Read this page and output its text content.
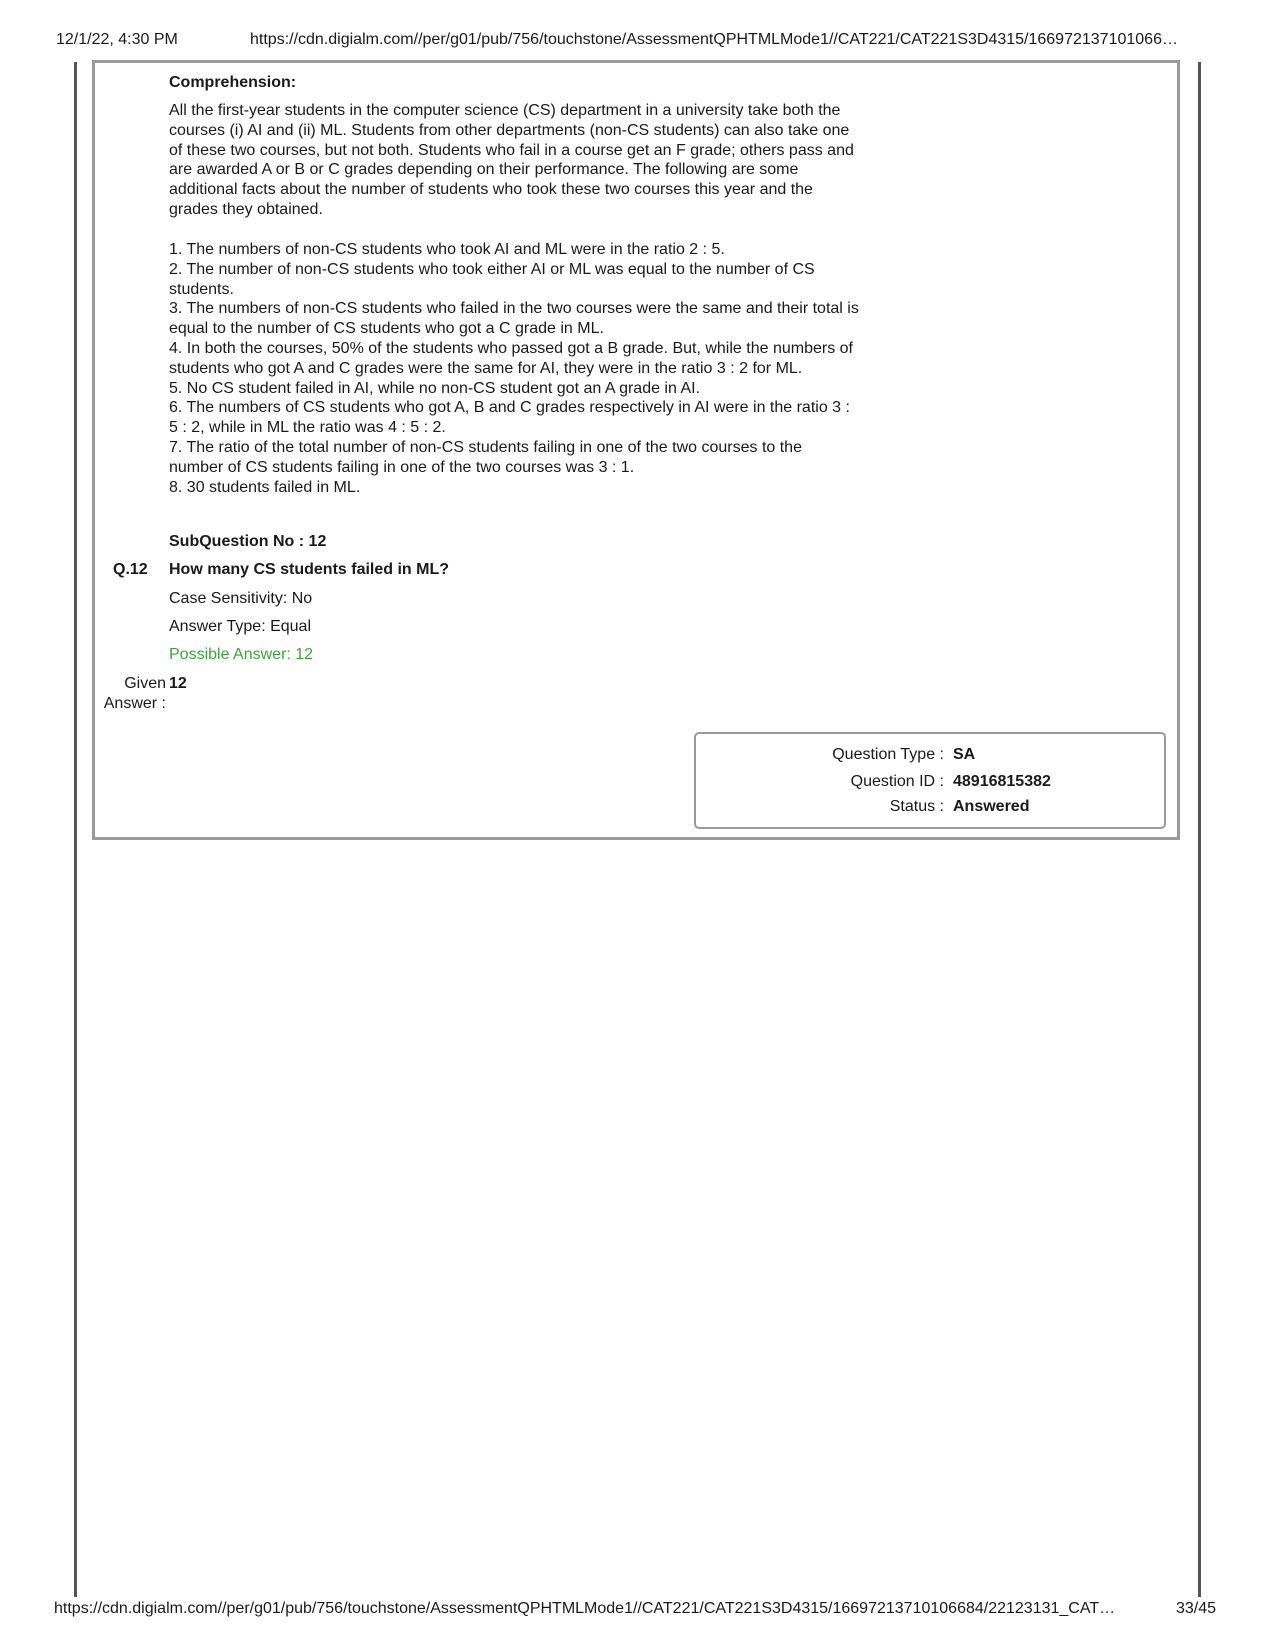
12/1/22, 4:30 PM	https://cdn.digialm.com//per/g01/pub/756/touchstone/AssessmentQPHTMLMode1//CAT221/CAT221S3D4315/166972137101066…
Comprehension:

All the first-year students in the computer science (CS) department in a university take both the courses (i) AI and (ii) ML. Students from other departments (non-CS students) can also take one of these two courses, but not both. Students who fail in a course get an F grade; others pass and are awarded A or B or C grades depending on their performance. The following are some additional facts about the number of students who took these two courses this year and the grades they obtained.

1. The numbers of non-CS students who took AI and ML were in the ratio 2 : 5.
2. The number of non-CS students who took either AI or ML was equal to the number of CS students.
3. The numbers of non-CS students who failed in the two courses were the same and their total is equal to the number of CS students who got a C grade in ML.
4. In both the courses, 50% of the students who passed got a B grade. But, while the numbers of students who got A and C grades were the same for AI, they were in the ratio 3 : 2 for ML.
5. No CS student failed in AI, while no non-CS student got an A grade in AI.
6. The numbers of CS students who got A, B and C grades respectively in AI were in the ratio 3 : 5 : 2, while in ML the ratio was 4 : 5 : 2.
7. The ratio of the total number of non-CS students failing in one of the two courses to the number of CS students failing in one of the two courses was 3 : 1.
8. 30 students failed in ML.
SubQuestion No : 12
Q.12 How many CS students failed in ML?
Case Sensitivity: No
Answer Type: Equal
Possible Answer: 12
Given
Answer :
12
Question Type : SA
Question ID : 48916815382
Status : Answered
https://cdn.digialm.com//per/g01/pub/756/touchstone/AssessmentQPHTMLMode1//CAT221/CAT221S3D4315/16697213710106684/22123131_CAT…	33/45
